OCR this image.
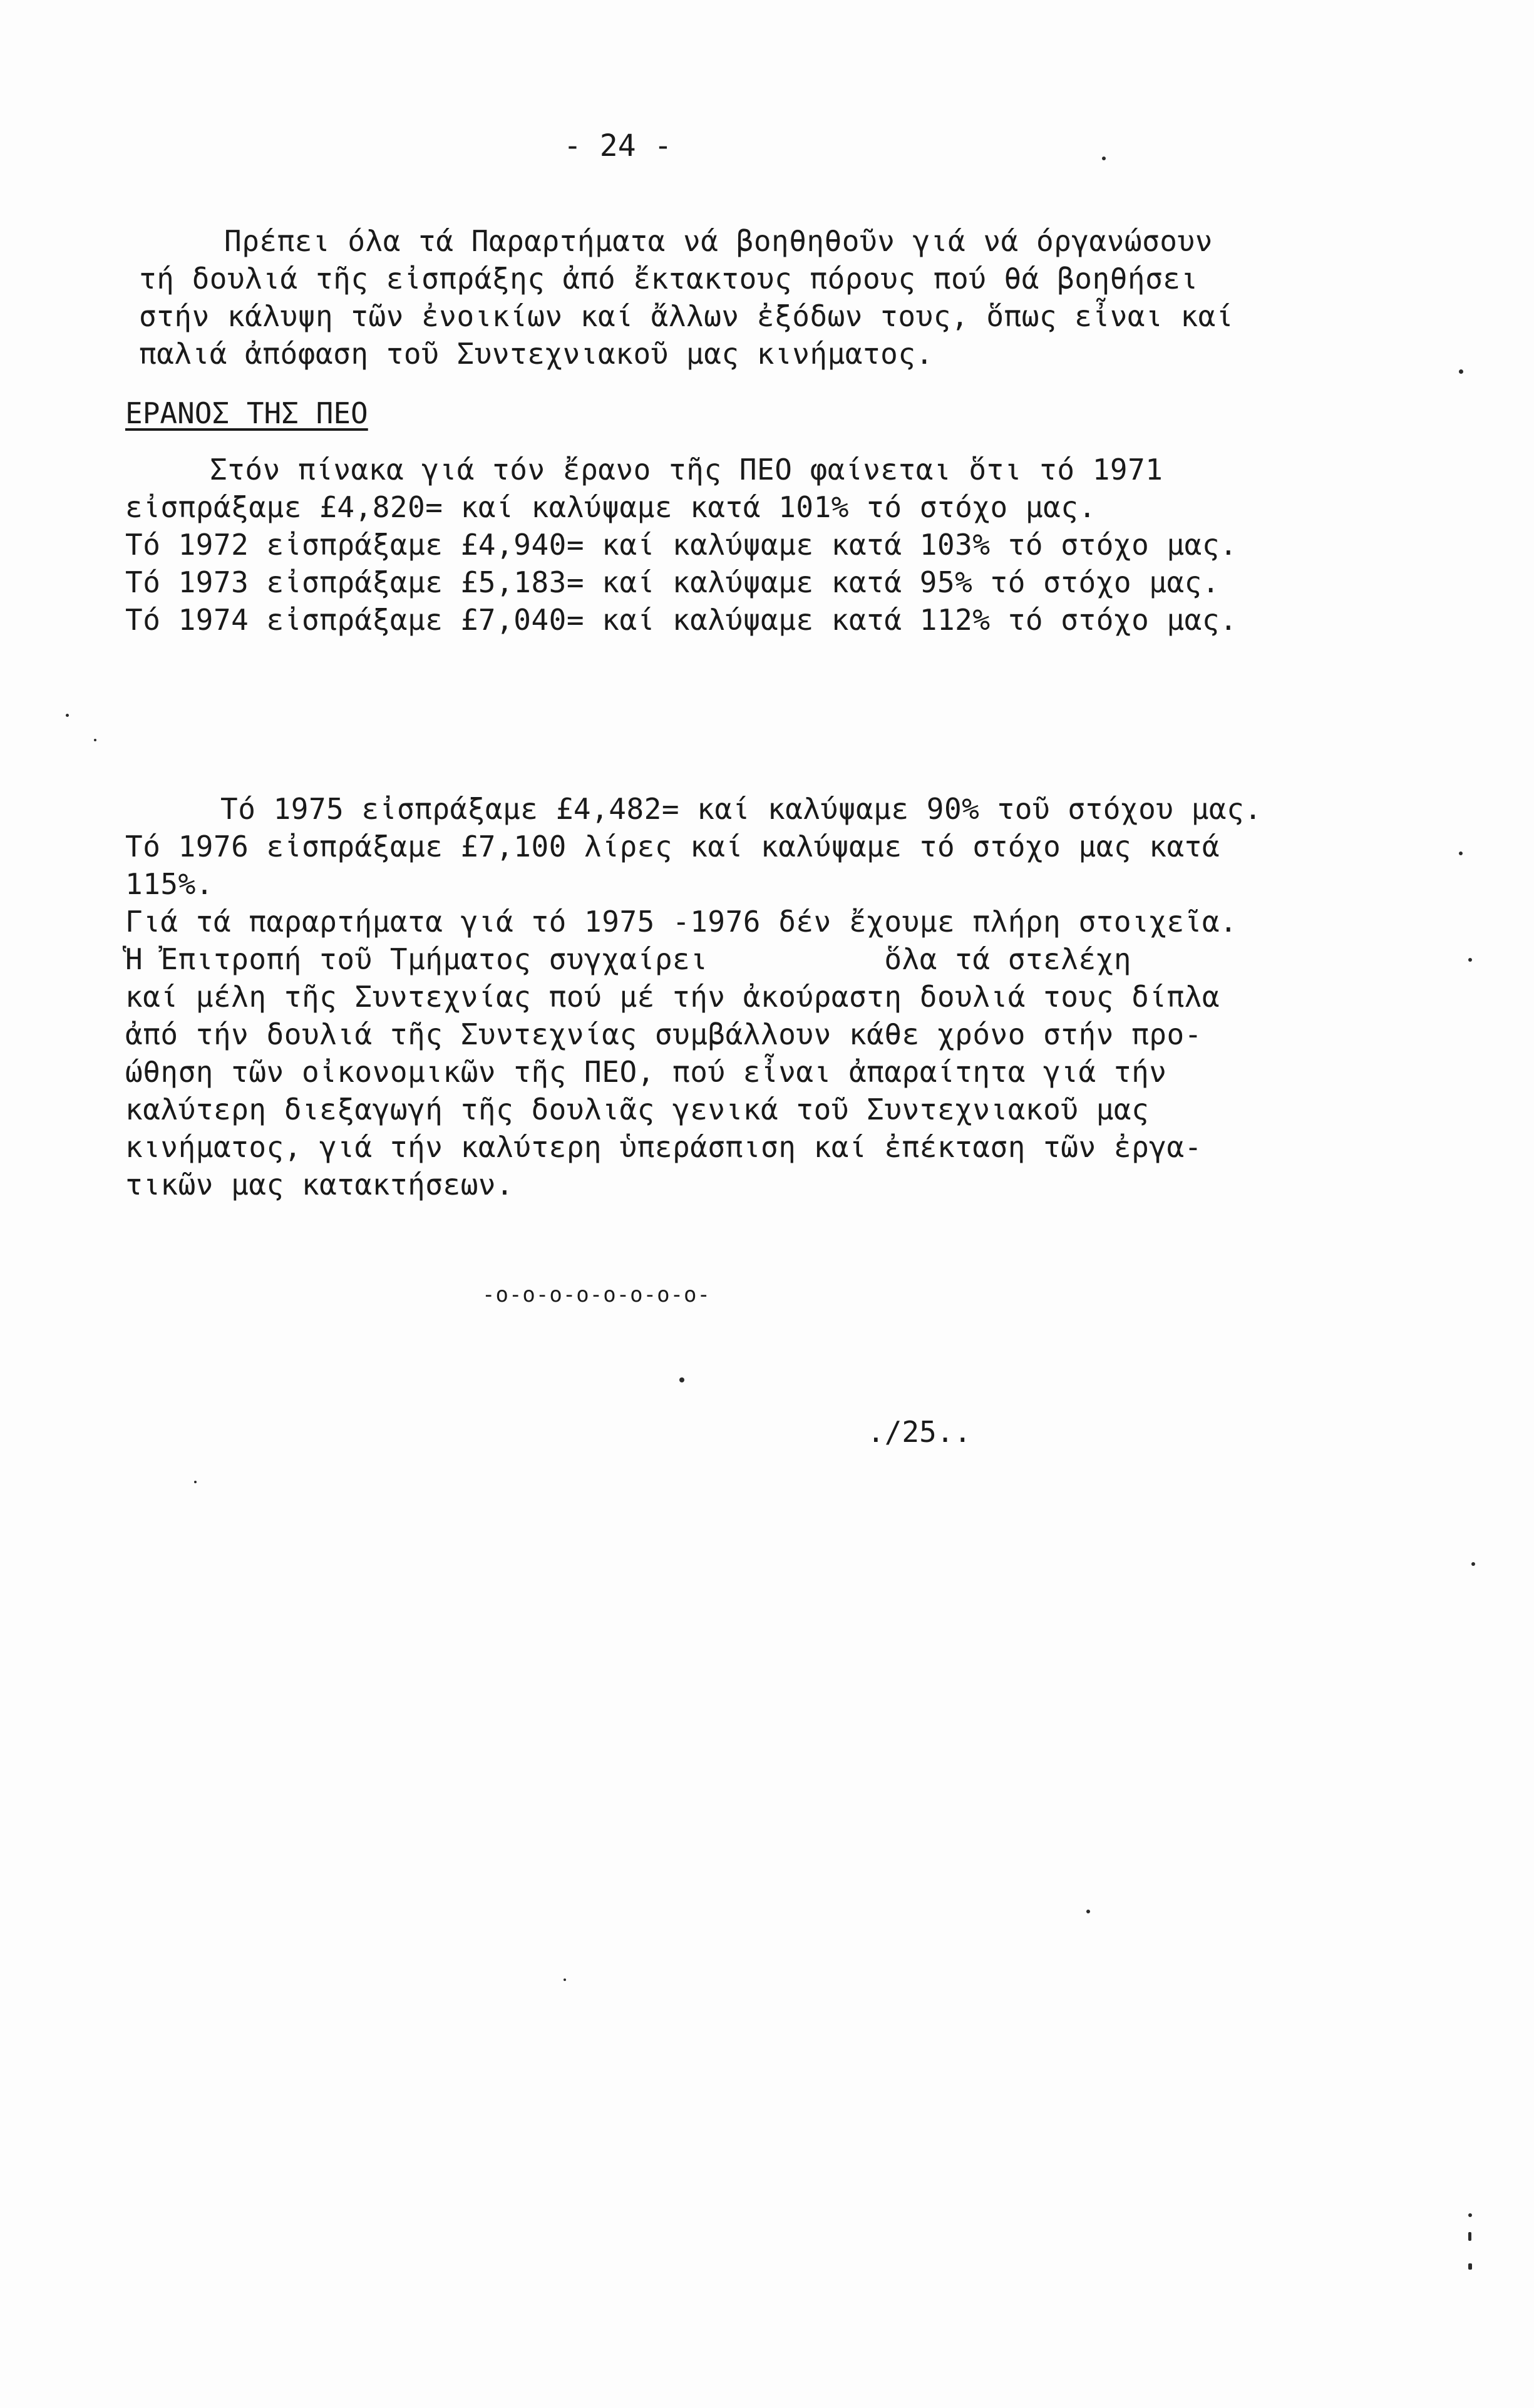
- 24 -
Πρέπει όλα τά Παραρτήματα νά βοηθηθοῦν γιά νά όργανώσουν
τή δουλιά τῆς εἰσπράξης ἀπό ἔκτακτους πόρους πού θά βοηθήσει
στήν κάλυψη τῶν ἐνοικίων καί ἄλλων ἐξόδων τους, ὅπως εἶναι καί
παλιά ἀπόφαση τοῦ Συντεχνιακοῦ μας κινήματος.
ΕΡΑΝΟΣ ΤΗΣ ΠΕΟ
Στόν πίνακα γιά τόν ἔρανο τῆς ΠΕΟ φαίνεται ὅτι τό 1971
εἰσπράξαμε £4,820= καί καλύψαμε κατά 101% τό στόχο μας.
Τό 1972 εἰσπράξαμε £4,940= καί καλύψαμε κατά 103% τό στόχο μας.
Τό 1973 εἰσπράξαμε £5,183= καί καλύψαμε κατά 95% τό στόχο μας.
Τό 1974 εἰσπράξαμε £7,040= καί καλύψαμε κατά 112% τό στόχο μας.
Τό 1975 εἰσπράξαμε £4,482= καί καλύψαμε 90% τοῦ στόχου μας.
Τό 1976 εἰσπράξαμε £7,100 λίρες καί καλύψαμε τό στόχο μας κατά
115%.
Γιά τά παραρτήματα γιά τό 1975 -1976 δέν ἔχουμε πλήρη στοιχεῖα.
Ἡ Ἐπιτροπή τοῦ Τμήματος συγχαίρει          ὅλα τά στελέχη
καί μέλη τῆς Συντεχνίας πού μέ τήν ἀκούραστη δουλιά τους δίπλα
ἀπό τήν δουλιά τῆς Συντεχνίας συμβάλλουν κάθε χρόνο στήν προ-
ώθηση τῶν οἰκονομικῶν τῆς ΠΕΟ, πού εἶναι ἀπαραίτητα γιά τήν
καλύτερη διεξαγωγή τῆς δουλιᾶς γενικά τοῦ Συντεχνιακοῦ μας
κινήματος, γιά τήν καλύτερη ὑπεράσπιση καί ἐπέκταση τῶν ἐργα-
τικῶν μας κατακτήσεων.
-o-o-o-o-o-o-o-o-
./25..
